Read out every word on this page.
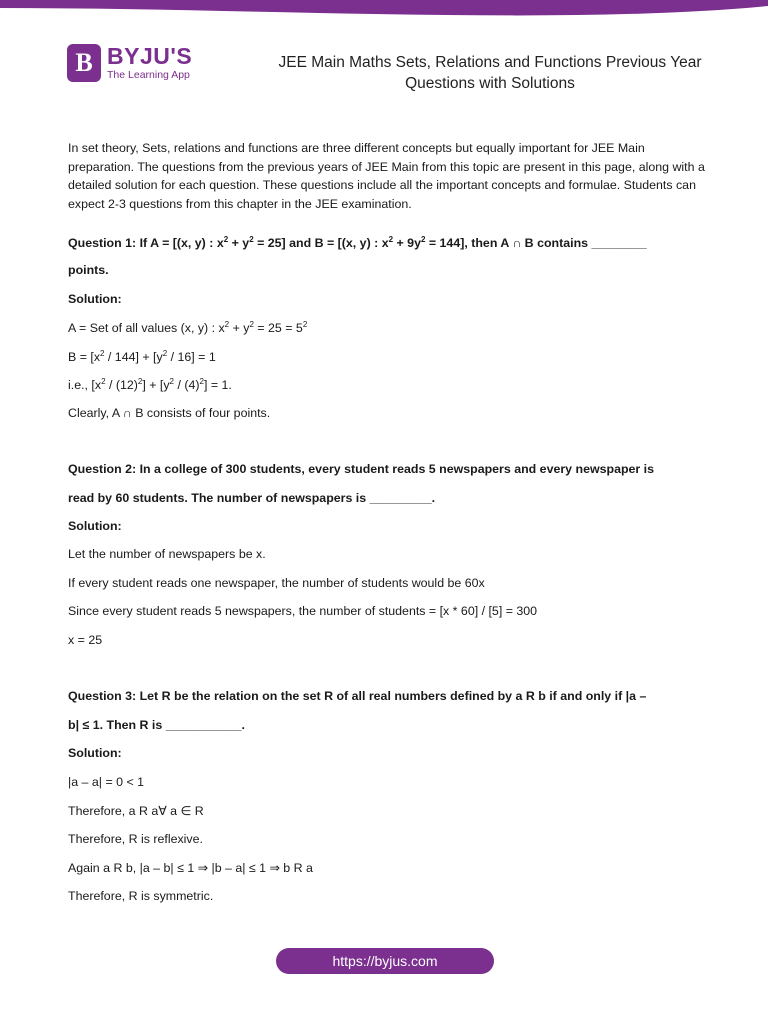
B BYJU'S
The Learning App
JEE Main Maths Sets, Relations and Functions Previous Year
Questions with Solutions

In set theory, Sets, relations and functions are three different concepts but equally important for JEE Main preparation. The questions from the previous years of JEE Main from this topic are present in this page, along with a detailed solution for each question. These questions include all the important concepts and formulae. Students can expect 2-3 questions from this chapter in the JEE examination.

Question 1: If A = [(x, y) : $x^2 + y^2 = 25$] and B = [(x, y) : $x^2 + 9y^2 = 144$], then A ∩ B contains ________
points.
Solution:
A = Set of all values (x, y) : $x^2 + y^2 = 25 = 5^2$
$B = [x^2 / 144] + [y^2 / 16] = 1$
i.e., $[x^2 / (12)^2] + [y^2 / (4)^2] = 1$.
Clearly, A ∩ B consists of four points.
Question 2: In a college of 300 students, every student reads 5 newspapers and every newspaper is
read by 60 students. The number of newspapers is _________.
Solution:
Let the number of newspapers be x.
If every student reads one newspaper, the number of students would be 60x
Since every student reads 5 newspapers, the number of students = [x * 60] / [5] = 300
x = 25
Question 3: Let R be the relation on the set R of all real numbers defined by a R b if and only if |a –
b| ≤ 1. Then R is ___________.
Solution:
|a – a| = 0 < 1
Therefore, a R a∀ a ∈ R
Therefore, R is reflexive.
Again a R b, |a – b| ≤ 1 ⇒ |b – a| ≤ 1 ⇒ b R a
Therefore, R is symmetric.
https://byjus.com
